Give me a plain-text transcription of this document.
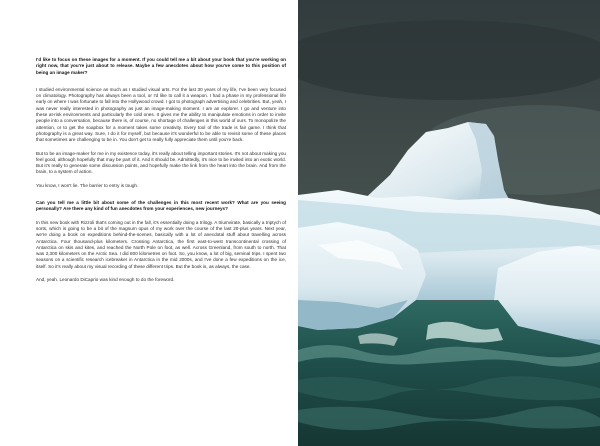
I'd like to focus on these images for a moment. If you could tell me a bit about your book that you're working on right now, that you're just about to release. Maybe a few anecdotes about how you've come to this position of being an image maker?

I studied environmental science as much as I studied visual arts. For the last 30 years of my life, I've been very focused on climatology. Photography has always been a tool, or I'd like to call it a weapon. I had a phase in my professional life early on where I was fortunate to fall into the Hollywood crowd. I got to photograph advertising and celebrities. But, yeah, I was never really interested in photography as just an image-making moment. I am an explorer. I go and venture into these at-risk environments and particularly the cold ones. It gives me the ability to manipulate emotions in order to invite people into a conversation, because there is, of course, no shortage of challenges in this world of ours. To monopolize the attention, or to get the soapbox for a moment takes some creativity. Every tool of the trade is fair game. I think that photography is a great way. Sure, I do it for myself, but because it's wonderful to be able to revisit some of these places that sometimes are challenging to be in. You don't get to really fully appreciate them until you're back.

But to be an image-maker for me in my existence today, it's really about telling important stories. It's not about making you feel good, although hopefully that may be part of it. And it should be. Admittedly, it's nice to be invited into an exotic world. But it's really to generate some discussion points, and hopefully make the link from the heart into the brain. And from the brain, to a system of action.

You know, I won't lie. The barrier to entry is tough.

Can you tell me a little bit about some of the challenges in this most recent work? What are you seeing personally? Are there any kind of fun anecdotes from your experiences, new journeys?

In this new book with Rizzoli that's coming out in the fall, it's essentially doing a trilogy. A triumvirate, basically a triptych of sorts, which is going to be a bit of the magnum opus of my work over the course of the last 20-plus years. Next year, we're doing a book on expeditions behind-the-scenes, basically with a lot of anecdotal stuff about travelling across Antarctica. Four thousand-plus kilometers. Crossing Antarctica, the first east-to-west transcontinental crossing of Antarctica on skis and kites, and reached the North Pole on foot, as well. Across Greenland, from south to north. That was 2,300 kilometers on the Arctic Sea. I did 800 kilometres on foot. So, you know, a lot of big, seminal trips. I spent two seasons on a scientific research icebreaker in Antarctica in the mid 2000s, and I've done a few expeditions on the ice, itself. So it's really about my visual recording of these different trips. But the book is, as always, the case.

And, yeah. Leonardo DiCaprio was kind enough to do the foreword.
